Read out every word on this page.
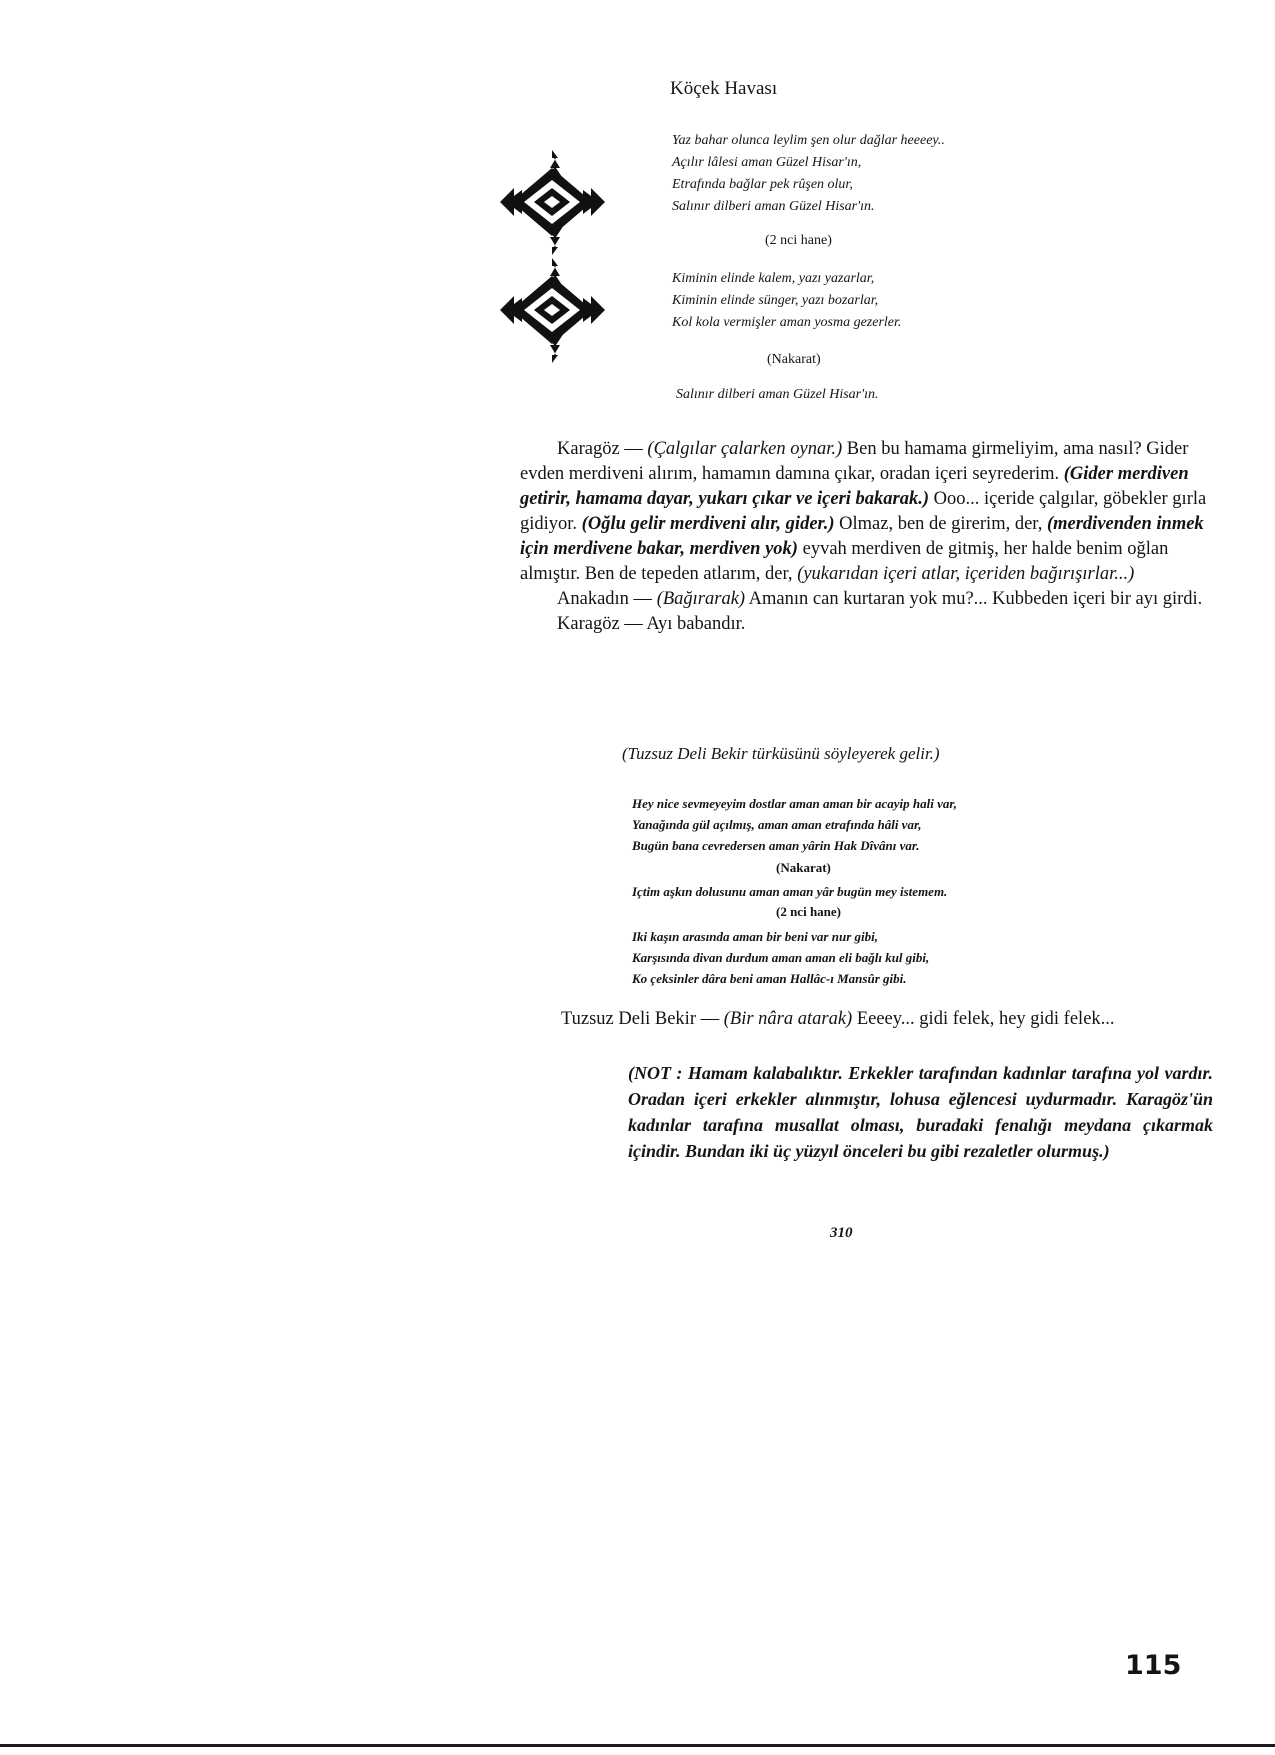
Köçek Havası
Yaz bahar olunca leylim şen olur dağlar heeeey..
Açılır lâlesi aman Güzel Hisar'ın,
Etrafında bağlar pek rûşen olur,
Salınır dilberi aman Güzel Hisar'ın.
(2 nci hane)
Kiminin elinde kalem, yazı yazarlar,
Kiminin elinde sünger, yazı bozarlar,
Kol kola vermişler aman yosma gezerler.
(Nakarat)
Salınır dilberi aman Güzel Hisar'ın.

Karagöz — (Çalgılar çalarken oynar.) Ben bu hamama girmeliyim, ama nasıl? Gider evden merdiveni alırım, hamamın damına çıkar, oradan içeri seyrederim. (Gider merdiven getirir, hamama dayar, yukarı çıkar ve içeri bakarak.) Ooo... içeride çalgılar, göbekler gırla gidiyor. (Oğlu gelir merdiveni alır, gider.) Olmaz, ben de girerim, der, (merdivenden inmek için merdivene bakar, merdiven yok) eyvah merdiven de gitmiş, her halde benim oğlan almıştır. Ben de tepeden atlarım, der, (yukarıdan içeri atlar, içeriden bağırışırlar...)

Anakadın — (Bağırarak) Amanın can kurtaran yok mu?... Kubbeden içeri bir ayı girdi.

Karagöz — Ayı babandır.

(Tuzsuz Deli Bekir türküsünü söyleyerek gelir.)
Hey nice sevmeyeyim dostlar aman aman bir acayip hali var,
Yanağında gül açılmış, aman aman etrafında hâli var,
Bugün bana cevredersen aman yârin Hak Dîvânı var.
(Nakarat)
Içtim aşkın dolusunu aman aman yâr bugün mey istemem.
(2 nci hane)
Iki kaşın arasında aman bir beni var nur gibi,
Karşısında divan durdum aman aman eli bağlı kul gibi,
Ko çeksinler dâra beni aman Hallâc-ı Mansûr gibi.

Tuzsuz Deli Bekir — (Bir nâra atarak) Eeeey... gidi felek, hey gidi felek...

(NOT : Hamam kalabalıktır. Erkekler tarafından kadınlar tarafına yol vardır. Oradan içeri erkekler alınmıştır, lohusa eğlencesi uydurmadır. Karagöz'ün kadınlar tarafına musallat olması, buradaki fenalığı meydana çıkarmak içindir. Bundan iki üç yüzyıl önceleri bu gibi rezaletler olurmuş.)
310
115
